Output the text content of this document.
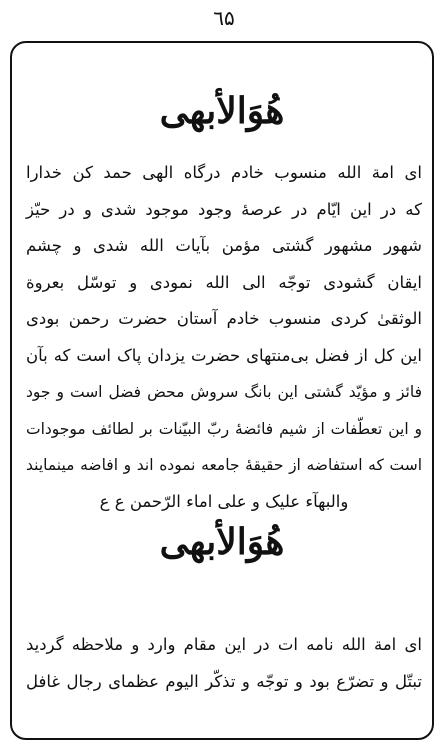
٦۵
هُوَالأبهى
ای امة الله منسوب خادم درگاه الهی حمد کن خدارا
که در این ایّام در عرصهٔ وجود موجود شدی و در حیّز
شهور مشهور گشتی مؤمن بآیات الله شدی و چشم
ایقان گشودی توجّه الی الله نمودی و توسّل بعروة
الوثقیٰ کردی منسوب خادم آستان حضرت رحمن بودی
این کل از فضل بی‌منتهای حضرت یزدان پاک است که بآن
فائز و مؤیّد گشتی این بانگ سروش محض فضل است و جود
و این تعطّفات از شیم فائضهٔ ربّ البیّنات بر لطائف موجودات
است که استفاضه از حقیقهٔ جامعه نموده اند و افاضه مینمایند
والبهآء علیک و علی اماء الرّحمن ع ع
هُوَالأبهى
ای امة الله نامه ات در این مقام وارد و ملاحظه گردید
تبتّل و تضرّع بود و توجّه و تذکّر الیوم عظمای رجال غافل
